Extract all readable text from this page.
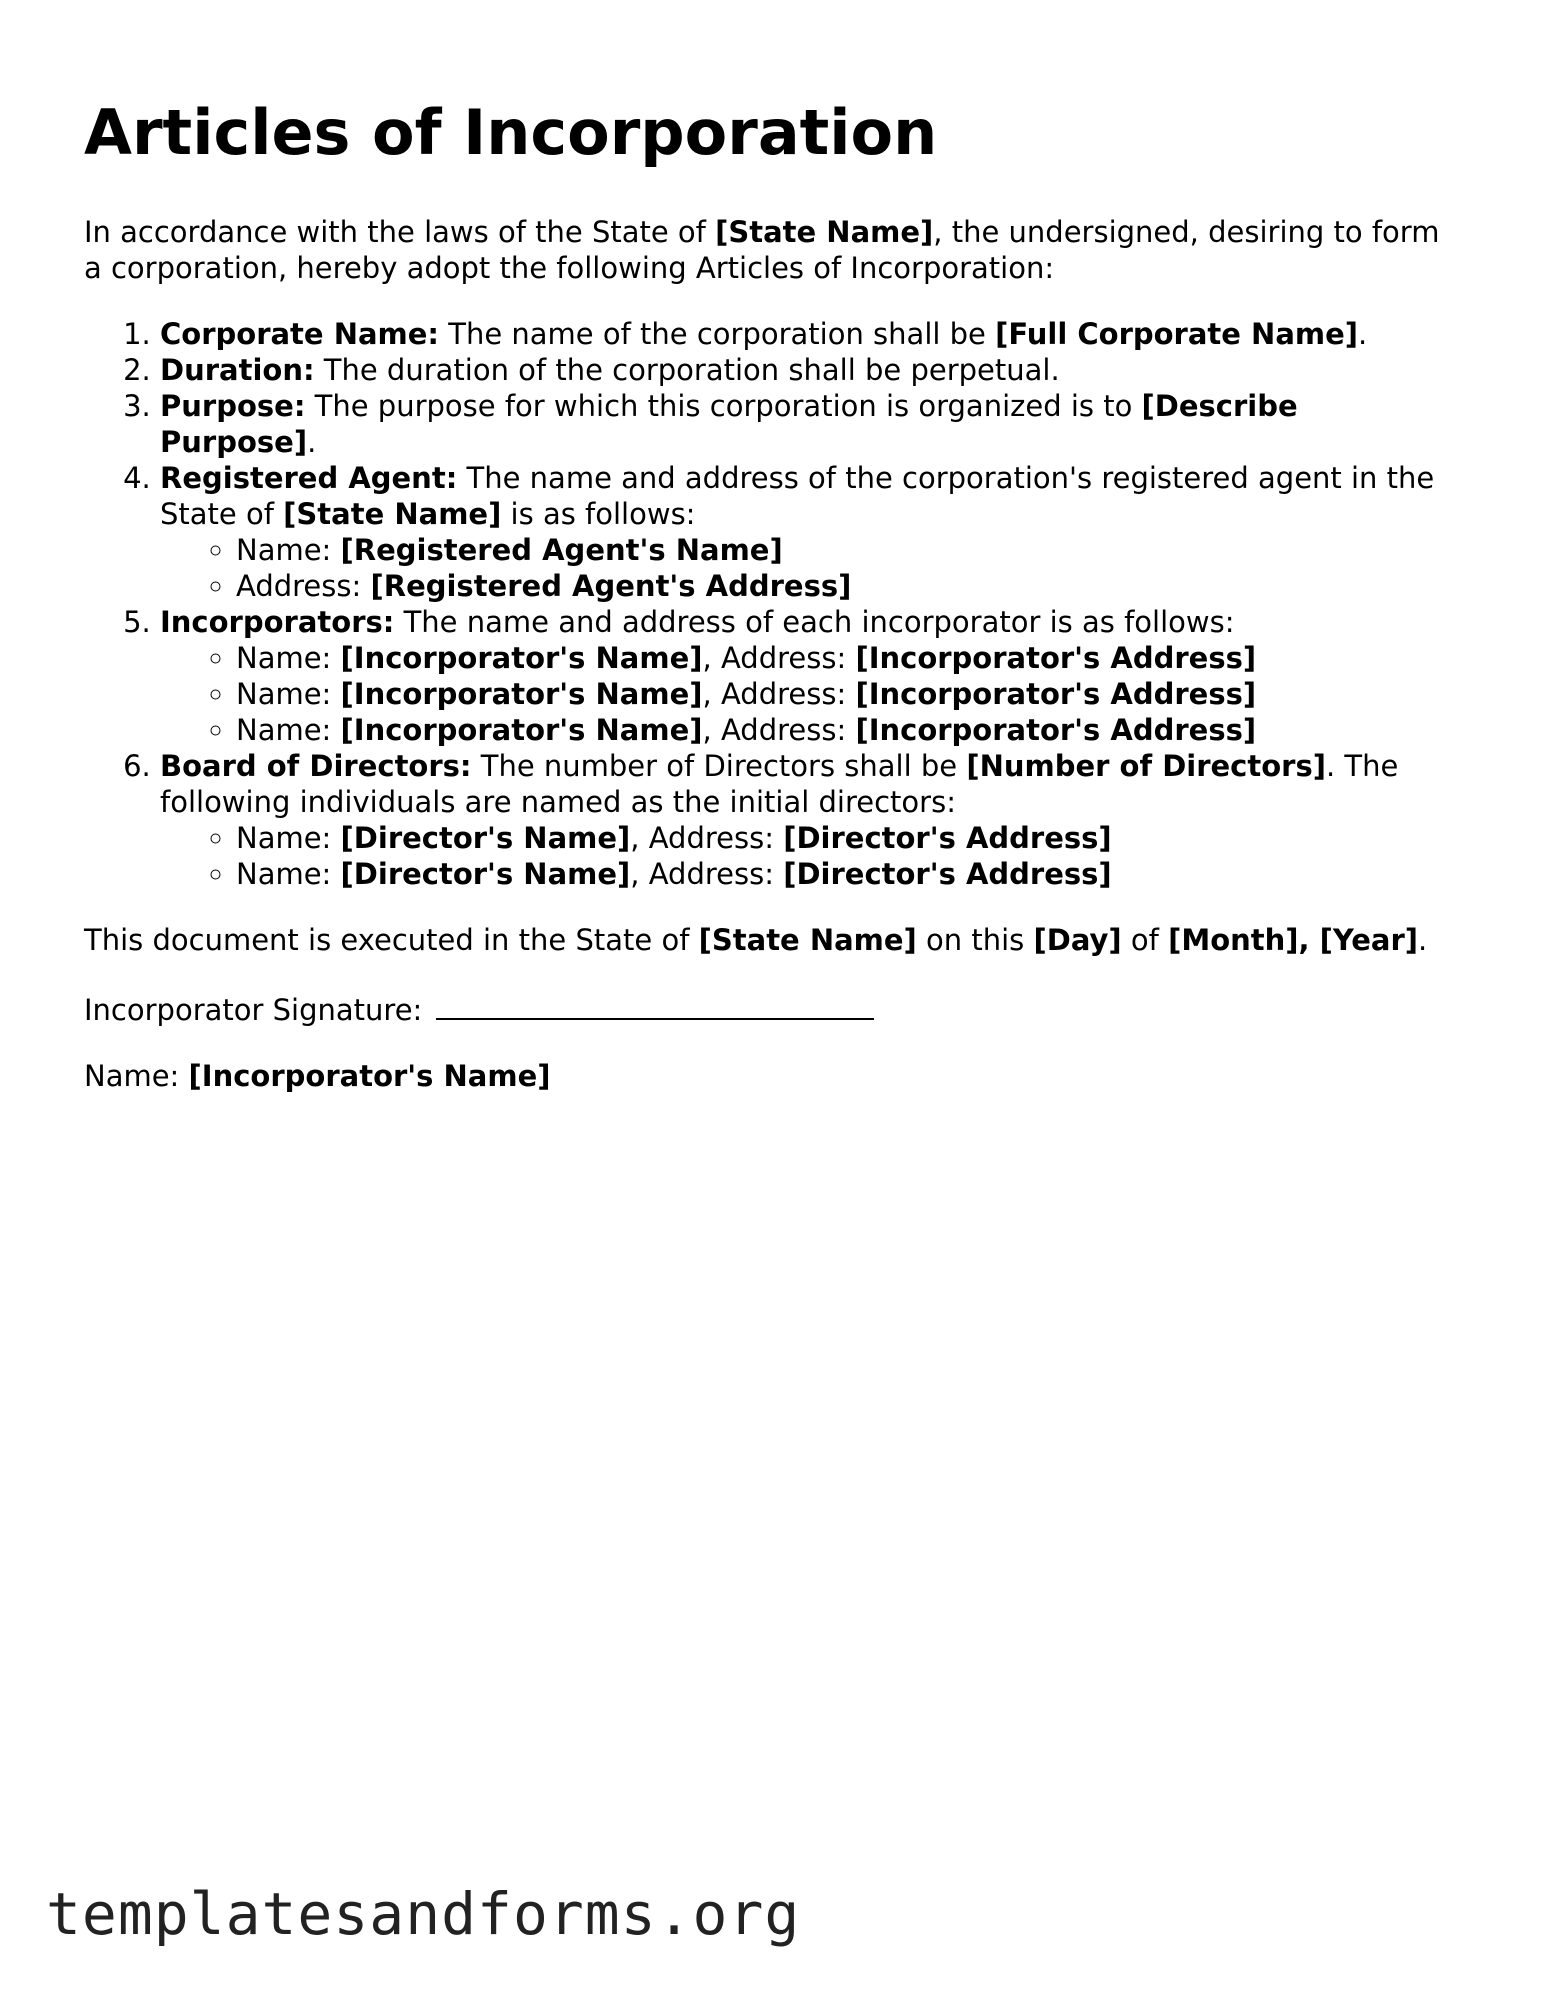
Articles of Incorporation

In accordance with the laws of the State of [State Name], the undersigned, desiring to form a corporation, hereby adopt the following Articles of Incorporation:

1. Corporate Name: The name of the corporation shall be [Full Corporate Name].
2. Duration: The duration of the corporation shall be perpetual.
3. Purpose: The purpose for which this corporation is organized is to [Describe Purpose].
4. Registered Agent: The name and address of the corporation's registered agent in the State of [State Name] is as follows:
◦ Name: [Registered Agent's Name]
◦ Address: [Registered Agent's Address]
5. Incorporators: The name and address of each incorporator is as follows:
◦ Name: [Incorporator's Name], Address: [Incorporator's Address]
◦ Name: [Incorporator's Name], Address: [Incorporator's Address]
◦ Name: [Incorporator's Name], Address: [Incorporator's Address]
6. Board of Directors: The number of Directors shall be [Number of Directors]. The following individuals are named as the initial directors:
◦ Name: [Director's Name], Address: [Director's Address]
◦ Name: [Director's Name], Address: [Director's Address]

This document is executed in the State of [State Name] on this [Day] of [Month], [Year].

Incorporator Signature:

Name: [Incorporator's Name]

templatesandforms.org
